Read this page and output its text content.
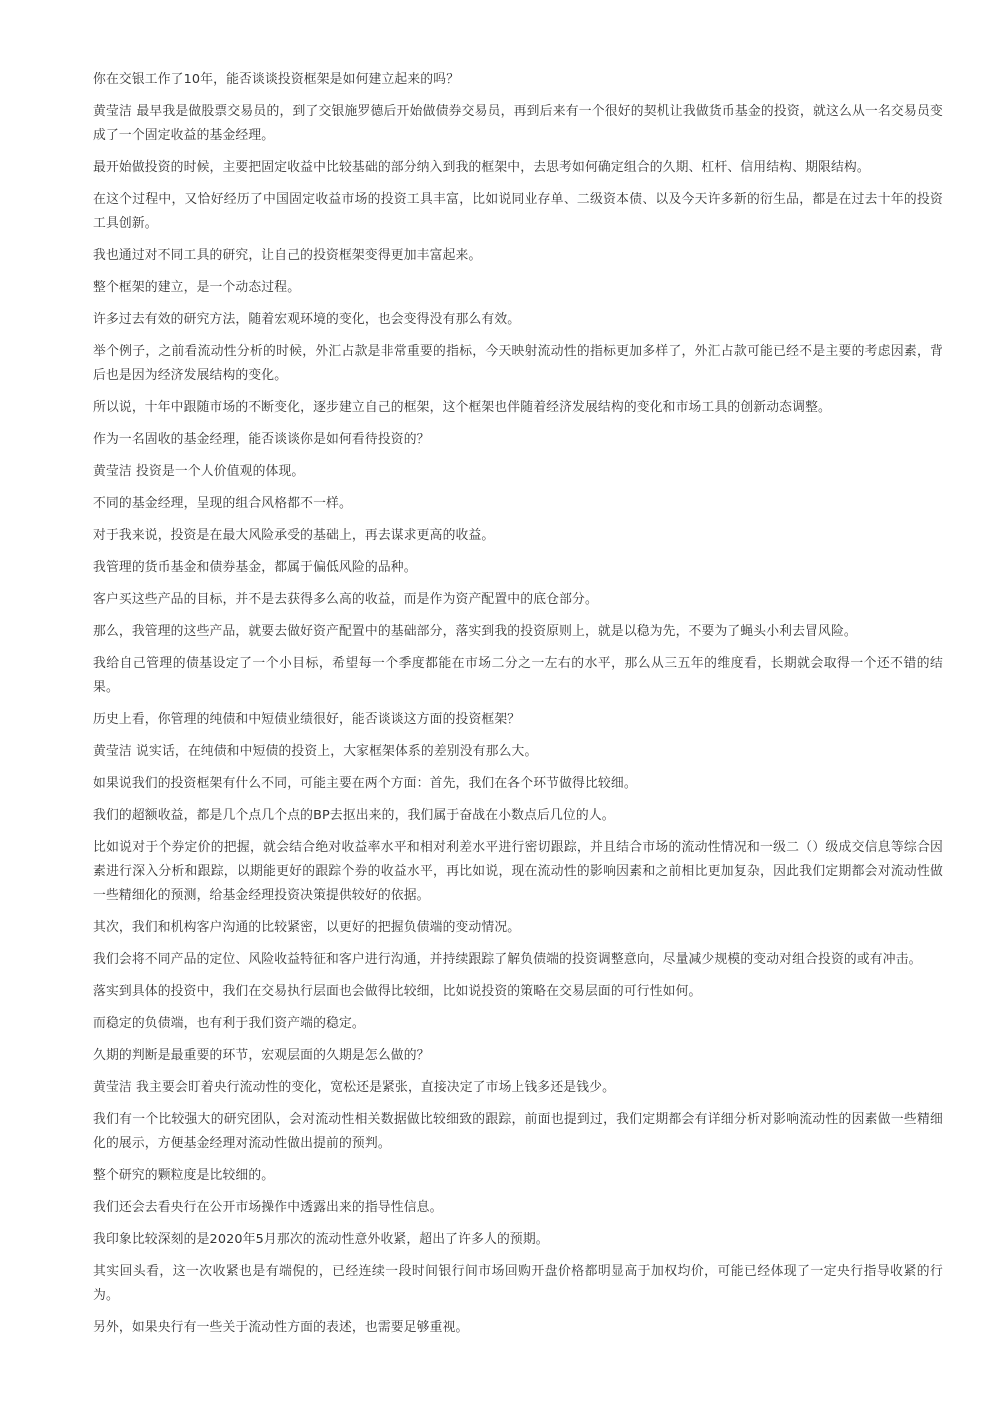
你在交银工作了10年，能否谈谈投资框架是如何建立起来的吗？

黄莹洁 最早我是做股票交易员的，到了交银施罗德后开始做债券交易员，再到后来有一个很好的契机让我做货币基金的投资，就这么从一名交易员变成了一个固定收益的基金经理。

最开始做投资的时候，主要把固定收益中比较基础的部分纳入到我的框架中，去思考如何确定组合的久期、杠杆、信用结构、期限结构。

在这个过程中，又恰好经历了中国固定收益市场的投资工具丰富，比如说同业存单、二级资本债、以及今天许多新的衍生品，都是在过去十年的投资工具创新。

我也通过对不同工具的研究，让自己的投资框架变得更加丰富起来。

整个框架的建立，是一个动态过程。

许多过去有效的研究方法，随着宏观环境的变化，也会变得没有那么有效。

举个例子，之前看流动性分析的时候，外汇占款是非常重要的指标，今天映射流动性的指标更加多样了，外汇占款可能已经不是主要的考虑因素，背后也是因为经济发展结构的变化。

所以说，十年中跟随市场的不断变化，逐步建立自己的框架，这个框架也伴随着经济发展结构的变化和市场工具的创新动态调整。

作为一名固收的基金经理，能否谈谈你是如何看待投资的？

黄莹洁 投资是一个人价值观的体现。

不同的基金经理，呈现的组合风格都不一样。

对于我来说，投资是在最大风险承受的基础上，再去谋求更高的收益。

我管理的货币基金和债券基金，都属于偏低风险的品种。

客户买这些产品的目标，并不是去获得多么高的收益，而是作为资产配置中的底仓部分。

那么，我管理的这些产品，就要去做好资产配置中的基础部分，落实到我的投资原则上，就是以稳为先，不要为了蝇头小利去冒风险。

我给自己管理的债基设定了一个小目标，希望每一个季度都能在市场二分之一左右的水平，那么从三五年的维度看，长期就会取得一个还不错的结果。

历史上看，你管理的纯债和中短债业绩很好，能否谈谈这方面的投资框架？

黄莹洁 说实话，在纯债和中短债的投资上，大家框架体系的差别没有那么大。

如果说我们的投资框架有什么不同，可能主要在两个方面：首先，我们在各个环节做得比较细。

我们的超额收益，都是几个点几个点的BP去抠出来的，我们属于奋战在小数点后几位的人。

比如说对于个券定价的把握，就会结合绝对收益率水平和相对利差水平进行密切跟踪，并且结合市场的流动性情况和一级二（）级成交信息等综合因素进行深入分析和跟踪，以期能更好的跟踪个券的收益水平，再比如说，现在流动性的影响因素和之前相比更加复杂，因此我们定期都会对流动性做一些精细化的预测，给基金经理投资决策提供较好的依据。

其次，我们和机构客户沟通的比较紧密，以更好的把握负债端的变动情况。

我们会将不同产品的定位、风险收益特征和客户进行沟通，并持续跟踪了解负债端的投资调整意向，尽量减少规模的变动对组合投资的或有冲击。

落实到具体的投资中，我们在交易执行层面也会做得比较细，比如说投资的策略在交易层面的可行性如何。

而稳定的负债端，也有利于我们资产端的稳定。

久期的判断是最重要的环节，宏观层面的久期是怎么做的？

黄莹洁 我主要会盯着央行流动性的变化，宽松还是紧张，直接决定了市场上钱多还是钱少。

我们有一个比较强大的研究团队，会对流动性相关数据做比较细致的跟踪，前面也提到过，我们定期都会有详细分析对影响流动性的因素做一些精细化的展示，方便基金经理对流动性做出提前的预判。

整个研究的颗粒度是比较细的。

我们还会去看央行在公开市场操作中透露出来的指导性信息。

我印象比较深刻的是2020年5月那次的流动性意外收紧，超出了许多人的预期。

其实回头看，这一次收紧也是有端倪的，已经连续一段时间银行间市场回购开盘价格都明显高于加权均价，可能已经体现了一定央行指导收紧的行为。

另外，如果央行有一些关于流动性方面的表述，也需要足够重视。
